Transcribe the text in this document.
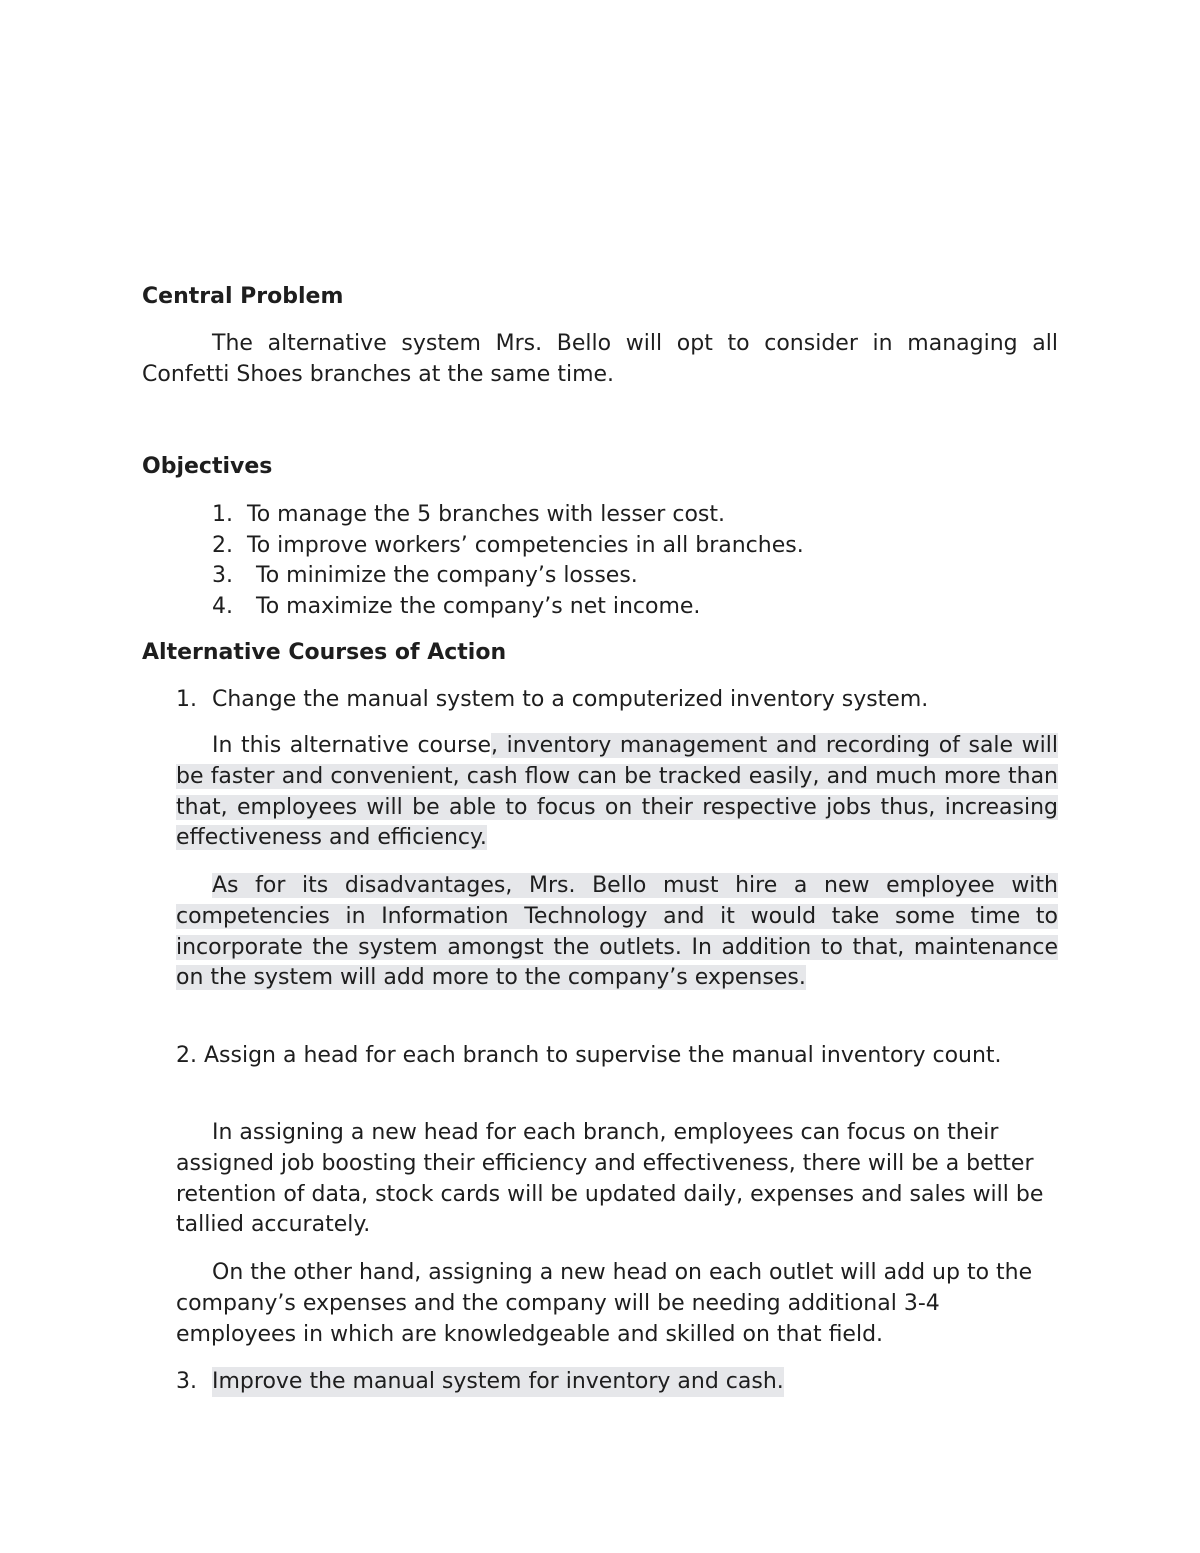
Central Problem
The alternative system Mrs. Bello will opt to consider in managing all Confetti Shoes branches at the same time.
Objectives
1. To manage the 5 branches with lesser cost.
2. To improve workers’ competencies in all branches.
3. To minimize the company’s losses.
4. To maximize the company’s net income.
Alternative Courses of Action
1. Change the manual system to a computerized inventory system.
In this alternative course, inventory management and recording of sale will be faster and convenient, cash flow can be tracked easily, and much more than that, employees will be able to focus on their respective jobs thus, increasing effectiveness and efficiency.
As for its disadvantages, Mrs. Bello must hire a new employee with competencies in Information Technology and it would take some time to incorporate the system amongst the outlets. In addition to that, maintenance on the system will add more to the company’s expenses.
2. Assign a head for each branch to supervise the manual inventory count.
In assigning a new head for each branch, employees can focus on their assigned job boosting their efficiency and effectiveness, there will be a better retention of data, stock cards will be updated daily, expenses and sales will be tallied accurately.
On the other hand, assigning a new head on each outlet will add up to the company’s expenses and the company will be needing additional 3-4 employees in which are knowledgeable and skilled on that field.
3. Improve the manual system for inventory and cash.
